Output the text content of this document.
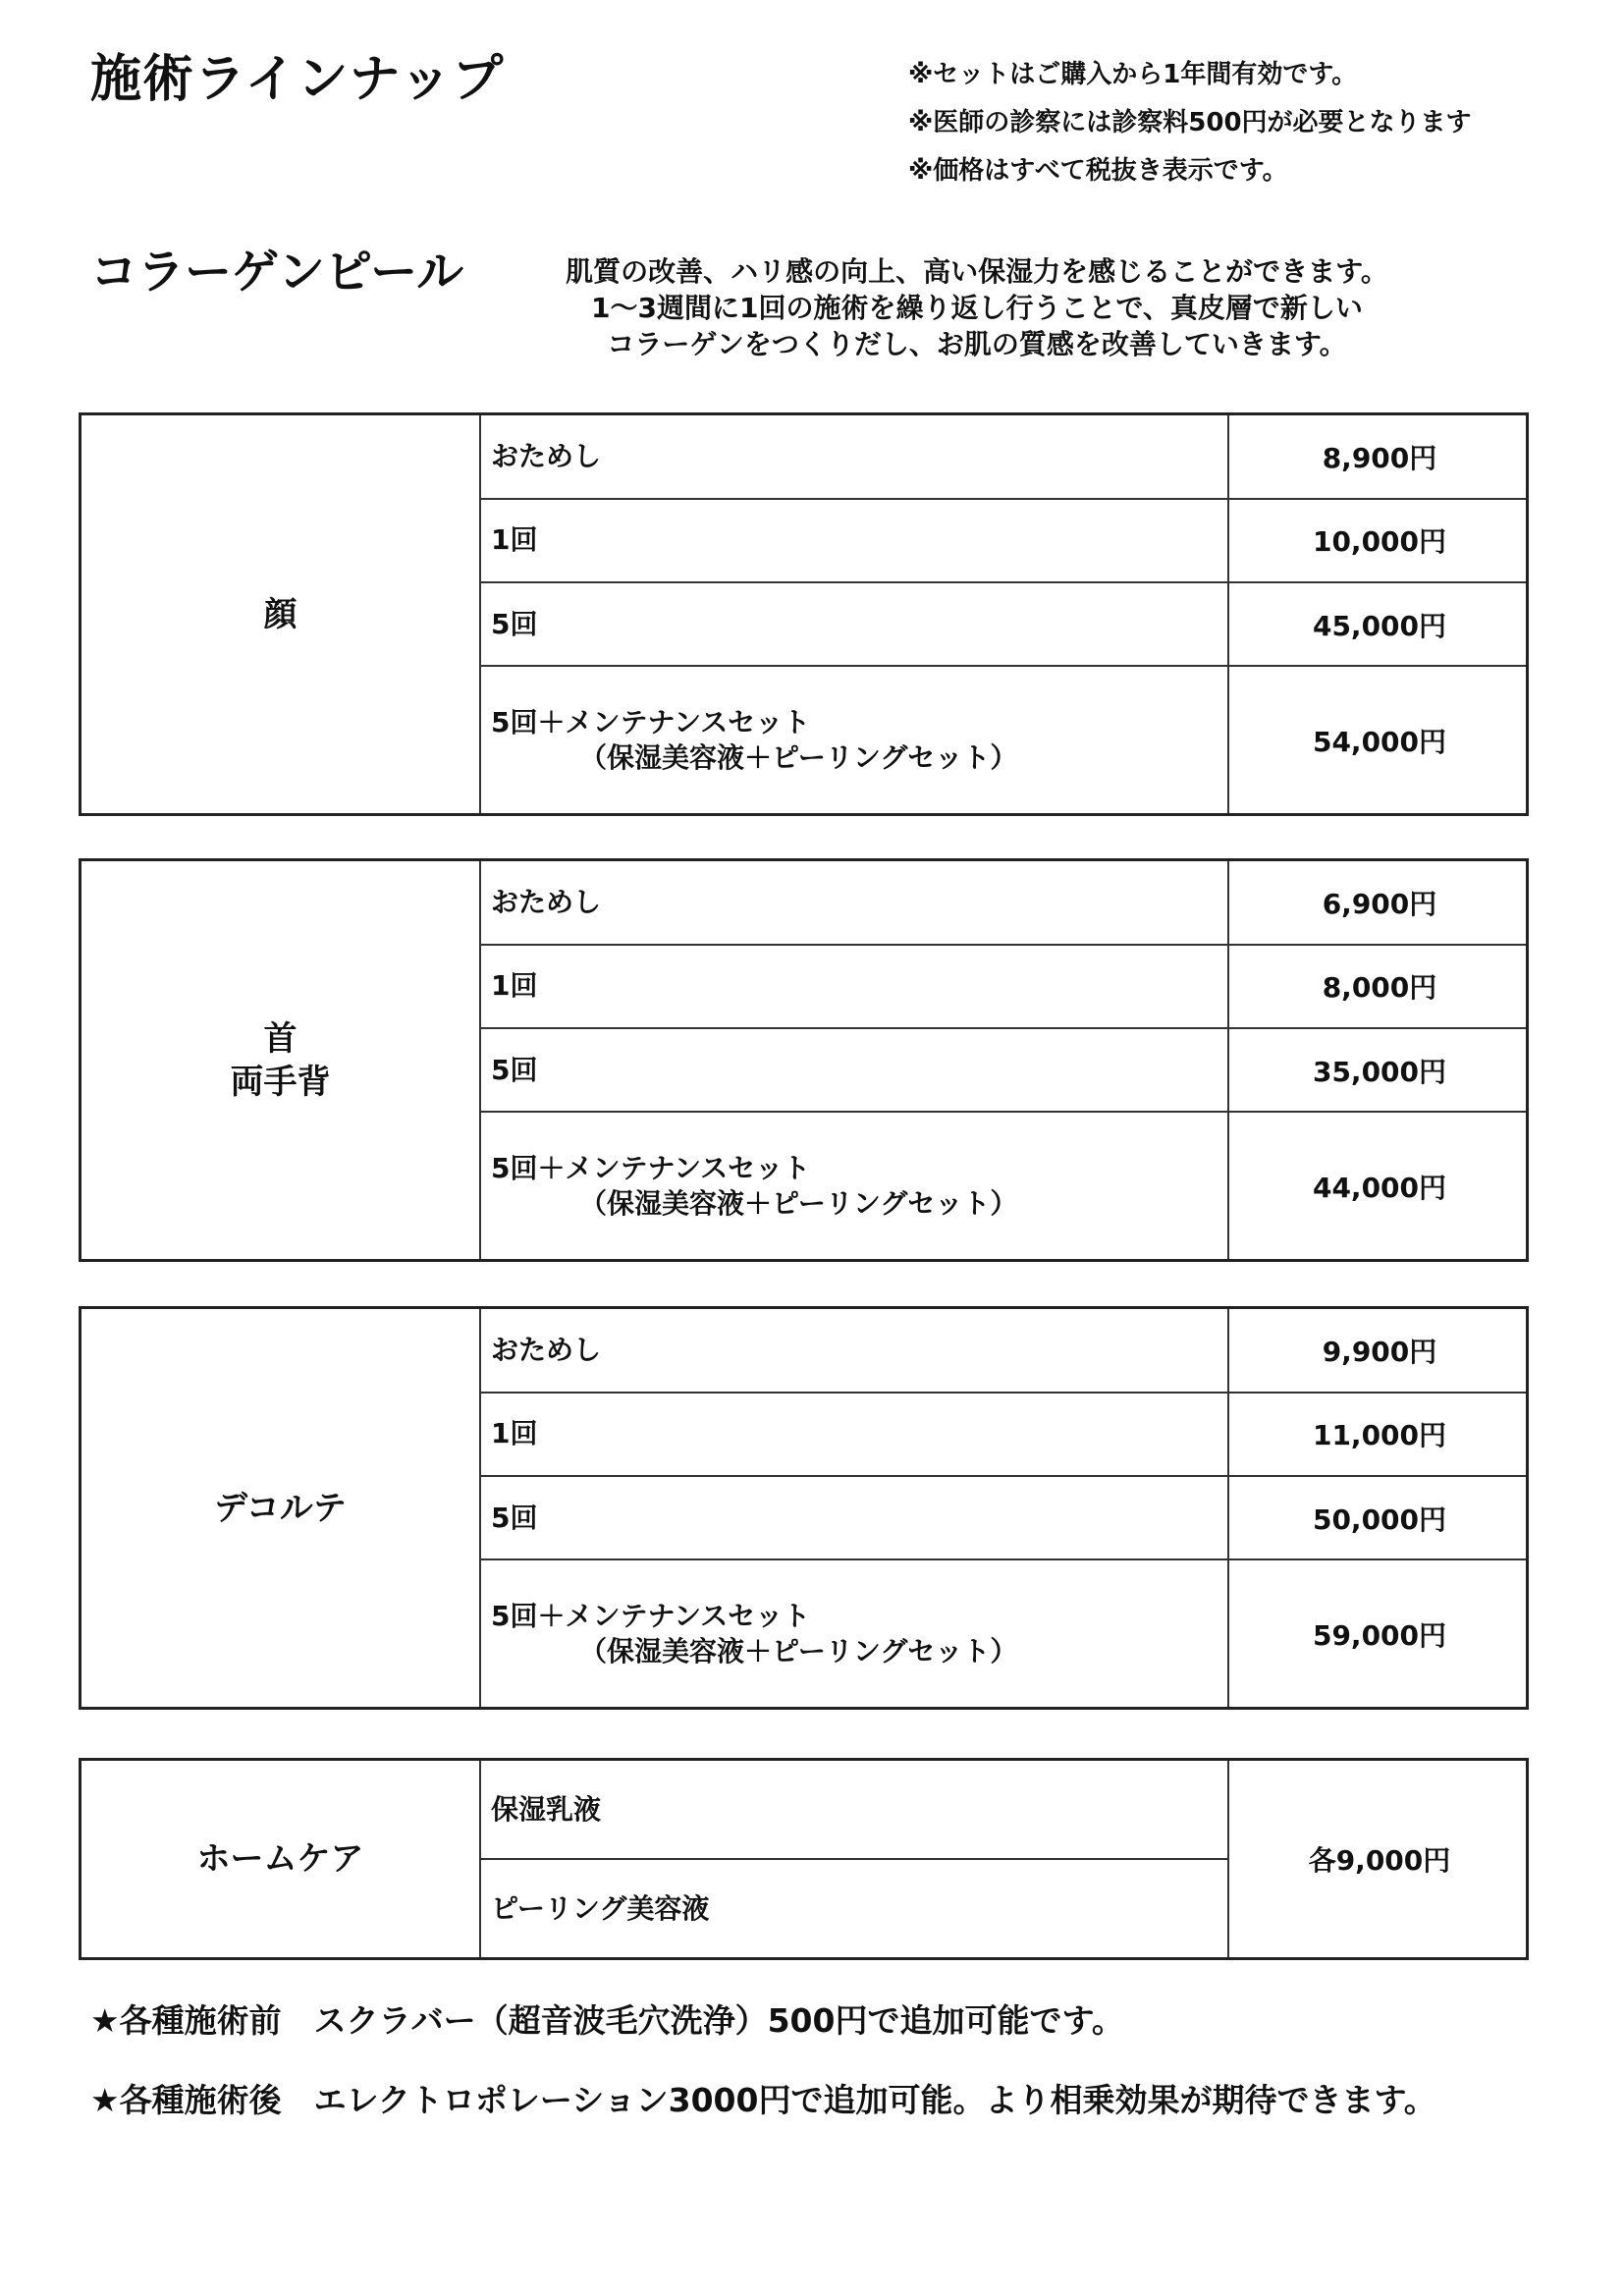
施術ラインナップ	※セットはご購入から1年間有効です。
※医師の診察には診察料500円が必要となります
※価格はすべて税抜き表示です。
コラーゲンピール	肌質の改善、ハリ感の向上、高い保湿力を感じることができます。
1～3週間に1回の施術を繰り返し行うことで、真皮層で新しい
コラーゲンをつくりだし、お肌の質感を改善していきます。
顔	おためし	8,900円
	1回	10,000円
	5回	45,000円
	5回＋メンテナンスセット
（保湿美容液＋ピーリングセット）	54,000円
首
両手背	おためし	6,900円
	1回	8,000円
	5回	35,000円
	5回＋メンテナンスセット
（保湿美容液＋ピーリングセット）	44,000円
デコルテ	おためし	9,900円
	1回	11,000円
	5回	50,000円
	5回＋メンテナンスセット
（保湿美容液＋ピーリングセット）	59,000円
ホームケア	保湿乳液	各9,000円
ピーリング美容液
★各種施術前　スクラバー（超音波毛穴洗浄）500円で追加可能です。
★各種施術後　エレクトロポレーション3000円で追加可能。より相乗効果が期待できます。
